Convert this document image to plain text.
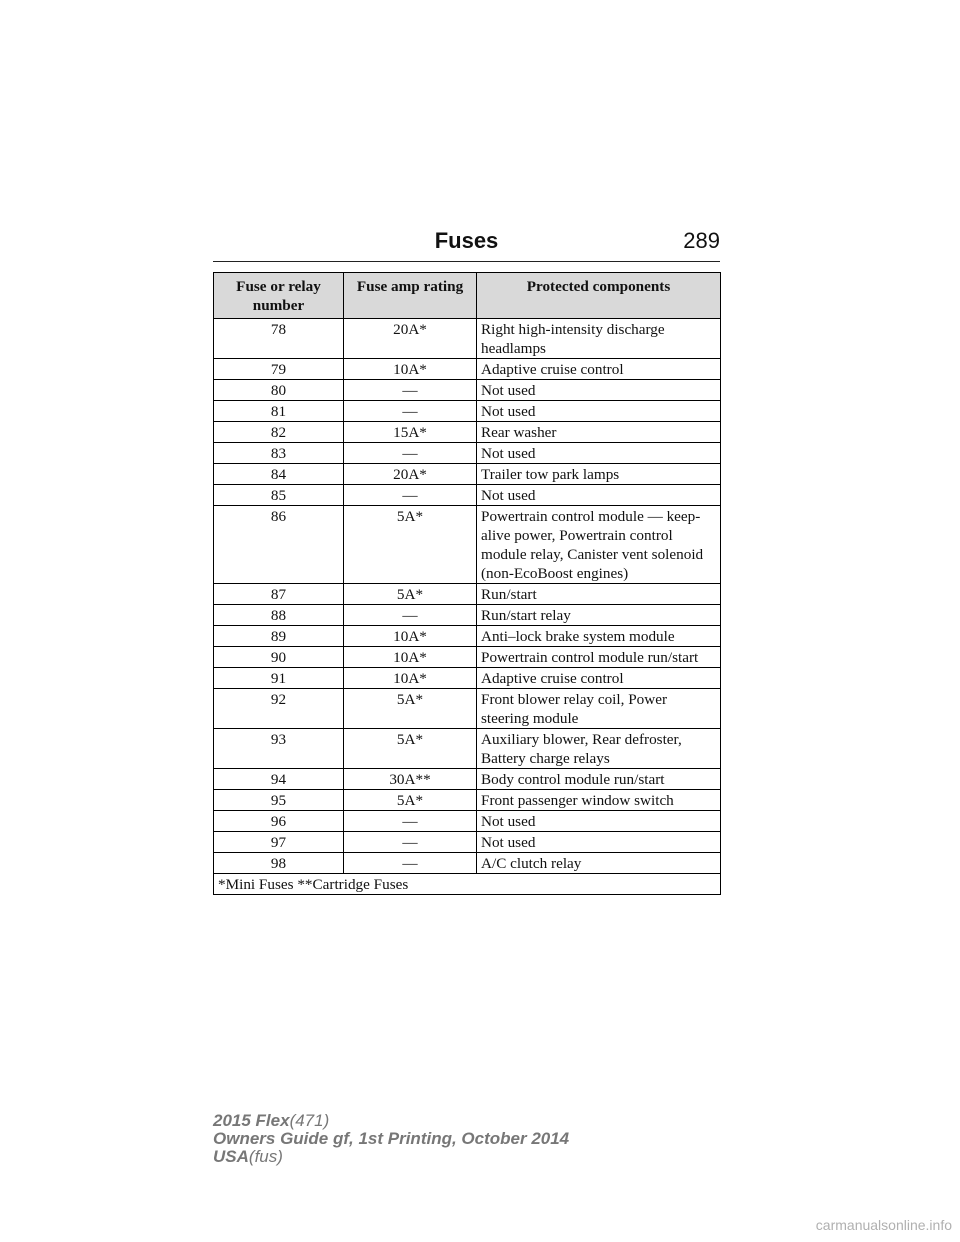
Fuses	289
Fuse or relay number	Fuse amp rating	Protected components
78	20A*	Right high-intensity discharge headlamps
79	10A*	Adaptive cruise control
80	—	Not used
81	—	Not used
82	15A*	Rear washer
83	—	Not used
84	20A*	Trailer tow park lamps
85	—	Not used
86	5A*	Powertrain control module — keep-alive power, Powertrain control module relay, Canister vent solenoid (non-EcoBoost engines)
87	5A*	Run/start
88	—	Run/start relay
89	10A*	Anti–lock brake system module
90	10A*	Powertrain control module run/start
91	10A*	Adaptive cruise control
92	5A*	Front blower relay coil, Power steering module
93	5A*	Auxiliary blower, Rear defroster, Battery charge relays
94	30A**	Body control module run/start
95	5A*	Front passenger window switch
96	—	Not used
97	—	Not used
98	—	A/C clutch relay
*Mini Fuses **Cartridge Fuses		
2015 Flex(471)
Owners Guide gf, 1st Printing, October 2014
USA(fus)
carmanualsonline.info
